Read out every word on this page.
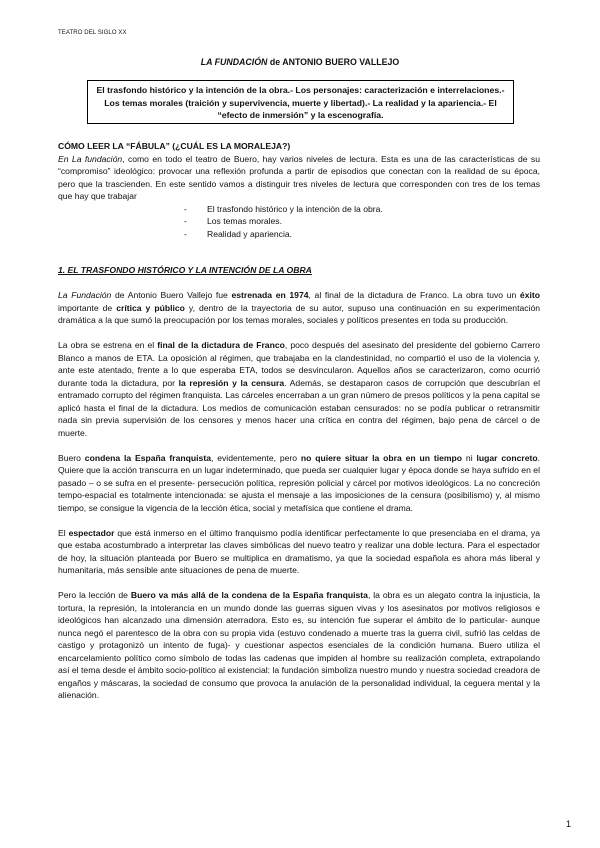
TEATRO DEL SIGLO XX
LA FUNDACIÓN de ANTONIO BUERO VALLEJO
El trasfondo histórico y la intención de la obra.- Los personajes: caracterización e interrelaciones.- Los temas morales (traición y supervivencia, muerte y libertad).- La realidad y la apariencia.- El “efecto de inmersión” y la escenografía.

CÓMO LEER LA “FÁBULA” (¿CUÁL ES LA MORALEJA?)

En La fundación, como en todo el teatro de Buero, hay varios niveles de lectura. Esta es una de las características de su “compromiso” ideológico: provocar una reflexión profunda a partir de episodios que conectan con la realidad de su época, pero que la trascienden. En este sentido vamos a distinguir tres niveles de lectura que corresponden con tres de los temas que hay que trabajar

- El trasfondo histórico y la intención de la obra.
- Los temas morales.
- Realidad y apariencia.

1. EL TRASFONDO HISTÓRICO Y LA INTENCIÓN DE LA OBRA

La Fundación de Antonio Buero Vallejo fue estrenada en 1974, al final de la dictadura de Franco. La obra tuvo un éxito importante de crítica y público y, dentro de la trayectoria de su autor, supuso una continuación en su experimentación dramática a la que sumó la preocupación por los temas morales, sociales y políticos presentes en toda su producción.

La obra se estrena en el final de la dictadura de Franco, poco después del asesinato del presidente del gobierno Carrero Blanco a manos de ETA. La oposición al régimen, que trabajaba en la clandestinidad, no compartió el uso de la violencia y, ante este atentado, frente a lo que esperaba ETA, todos se desvincularon. Aquellos años se caracterizaron, como ocurrió durante toda la dictadura, por la represión y la censura. Además, se destaparon casos de corrupción que descubrían el entramado corrupto del régimen franquista. Las cárceles encerraban a un gran número de presos políticos y la pena capital se aplicó hasta el final de la dictadura. Los medios de comunicación estaban censurados: no se podía publicar o retransmitir nada sin previa supervisión de los censores y menos hacer una crítica en contra del régimen, bajo pena de cárcel o de muerte.

Buero condena la España franquista, evidentemente, pero no quiere situar la obra en un tiempo ni lugar concreto. Quiere que la acción transcurra en un lugar indeterminado, que pueda ser cualquier lugar y época donde se haya sufrido en el pasado – o se sufra en el presente- persecución política, represión policial y cárcel por motivos ideológicos. La no concreción tempo-espacial es totalmente intencionada: se ajusta el mensaje a las imposiciones de la censura (posibilismo) y, al mismo tiempo, se consigue la vigencia de la lección ética, social y metafísica que contiene el drama.

El espectador que está inmerso en el último franquismo podía identificar perfectamente lo que presenciaba en el drama, ya que estaba acostumbrado a interpretar las claves simbólicas del nuevo teatro y realizar una doble lectura. Para el espectador de hoy, la situación planteada por Buero se multiplica en dramatismo, ya que la sociedad española es ahora más liberal y humanitaria, más sensible ante situaciones de pena de muerte.

Pero la lección de Buero va más allá de la condena de la España franquista, la obra es un alegato contra la injusticia, la tortura, la represión, la intolerancia en un mundo donde las guerras siguen vivas y los asesinatos por motivos religiosos e ideológicos han alcanzado una dimensión aterradora. Esto es, su intención fue superar el ámbito de lo particular- aunque nunca negó el parentesco de la obra con su propia vida (estuvo condenado a muerte tras la guerra civil, sufrió las celdas de castigo y protagonizó un intento de fuga)- y cuestionar aspectos esenciales de la condición humana. Buero utiliza el encarcelamiento político como símbolo de todas las cadenas que impiden al hombre su realización completa, extrapolando así el tema desde el ámbito socio-político al existencial: la fundación simboliza nuestro mundo y nuestra sociedad creadora de engaños y máscaras, la sociedad de consumo que provoca la anulación de la personalidad individual, la ceguera mental y la alienación.

1
